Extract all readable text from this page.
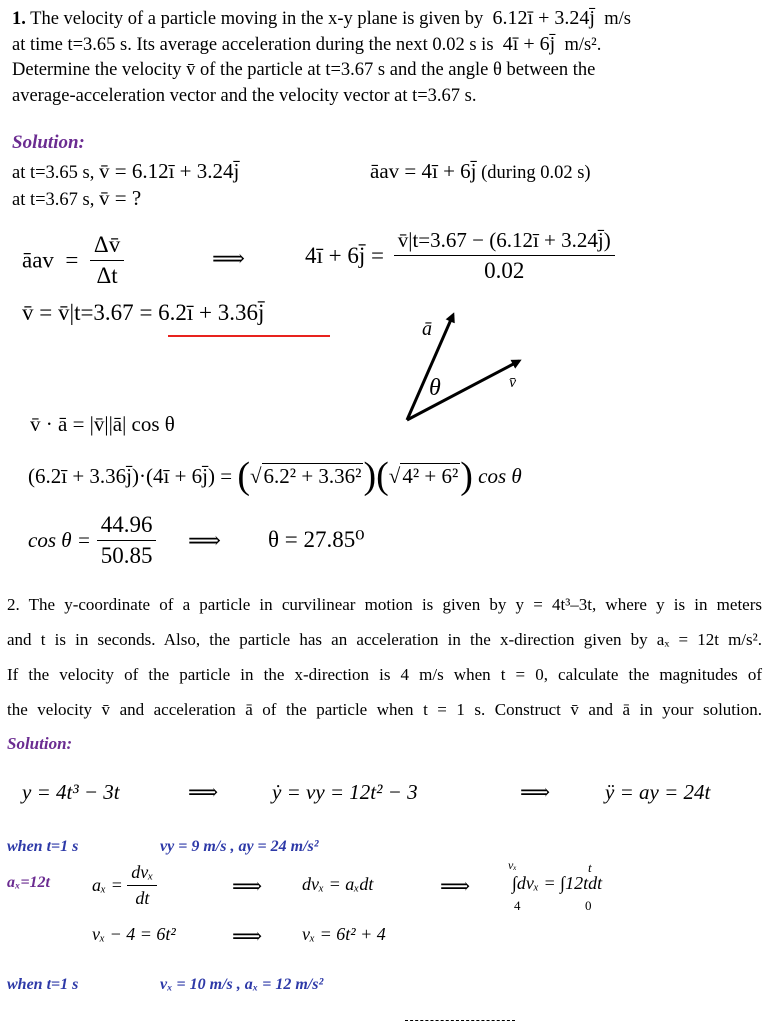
1. The velocity of a particle moving in the x-y plane is given by 6.12ī + 3.24j̄ m/s
at time t=3.65 s. Its average acceleration during the next 0.02 s is 4ī + 6j̄ m/s².
Determine the velocity v̄ of the particle at t=3.67 s and the angle θ between the
average-acceleration vector and the velocity vector at t=3.67 s.
Solution:
at t=3.65 s, v̄ = 6.12ī + 3.24j̄	āav = 4ī + 6j̄ (during 0.02 s)
at t=3.67 s, v̄ = ?
āav  = $\frac{\Delta v̄}{\Delta t}$	⟹	4ī + 6j̄ = $\frac{v̄|t=3.67 - (6.12ī + 3.24j̄)}{0.02}$
v̄ = v̄|t=3.67 = 6.2ī + 3.36j̄
ā
θ	v̄
v̄ · ā = |v̄||ā| cos θ
(6.2ī + 3.36j̄)·(4ī + 6j̄) = (√6.2² + 3.36²)(√4² + 6²) cos θ
$\cos \theta = \frac{44.96}{50.85}$ ⟹ θ = 27.85⁰
2. The y-coordinate of a particle in curvilinear motion is given by y = 4t³–3t, where y is in meters
and t is in seconds. Also, the particle has an acceleration in the x-direction given by aₓ = 12t m/s².
If the velocity of the particle in the x-direction is 4 m/s when t = 0, calculate the magnitudes of
the velocity v̄ and acceleration ā of the particle when t = 1 s. Construct v̄ and ā in your solution.
Solution:
y = 4t³ − 3t	⟹	ẏ = vy = 12t² − 3	⟹	ÿ = ay = 24t
when t=1 s	vy = 9 m/s , ay = 24 m/s²
aₓ=12t $a_x = \frac{\text{dvₓ}}{dt}$	⟹ dvₓ = aₓdt	⟹
vₓ
4
∫dvₓ = ∫12tdt
t
0
vₓ − 4 = 6t²	⟹ vₓ = 6t² + 4
when t=1 s	vₓ = 10 m/s , aₓ = 12 m/s²
